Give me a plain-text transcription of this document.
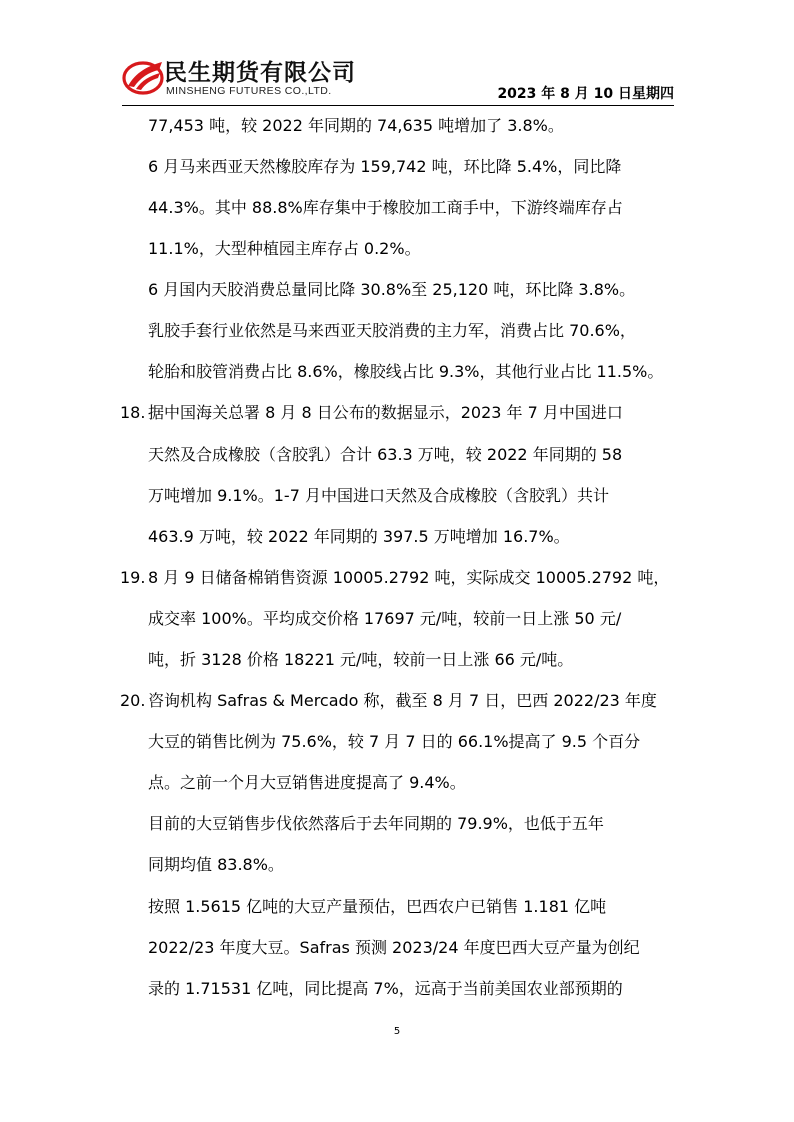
民生期货有限公司
MINSHENG FUTURES CO.,LTD.	2023 年 8 月 10 日星期四
77,453 吨，较 2022 年同期的 74,635 吨增加了 3.8%。
6 月马来西亚天然橡胶库存为 159,742 吨，环比降 5.4%，同比降
44.3%。其中 88.8%库存集中于橡胶加工商手中，下游终端库存占
11.1%，大型种植园主库存占 0.2%。
6 月国内天胶消费总量同比降 30.8%至 25,120 吨，环比降 3.8%。
乳胶手套行业依然是马来西亚天胶消费的主力军，消费占比 70.6%，
轮胎和胶管消费占比 8.6%，橡胶线占比 9.3%，其他行业占比 11.5%。
18. 据中国海关总署 8 月 8 日公布的数据显示，2023 年 7 月中国进口
天然及合成橡胶（含胶乳）合计 63.3 万吨，较 2022 年同期的 58
万吨增加 9.1%。1-7 月中国进口天然及合成橡胶（含胶乳）共计
463.9 万吨，较 2022 年同期的 397.5 万吨增加 16.7%。
19. 8 月 9 日储备棉销售资源 10005.2792 吨，实际成交 10005.2792 吨，
成交率 100%。平均成交价格 17697 元/吨，较前一日上涨 50 元/
吨，折 3128 价格 18221 元/吨，较前一日上涨 66 元/吨。
20. 咨询机构 Safras & Mercado 称，截至 8 月 7 日，巴西 2022/23 年度
大豆的销售比例为 75.6%，较 7 月 7 日的 66.1%提高了 9.5 个百分
点。之前一个月大豆销售进度提高了 9.4%。
目前的大豆销售步伐依然落后于去年同期的 79.9%，也低于五年
同期均值 83.8%。
按照 1.5615 亿吨的大豆产量预估，巴西农户已销售 1.181 亿吨
2022/23 年度大豆。Safras 预测 2023/24 年度巴西大豆产量为创纪
录的 1.71531 亿吨，同比提高 7%，远高于当前美国农业部预期的
5
